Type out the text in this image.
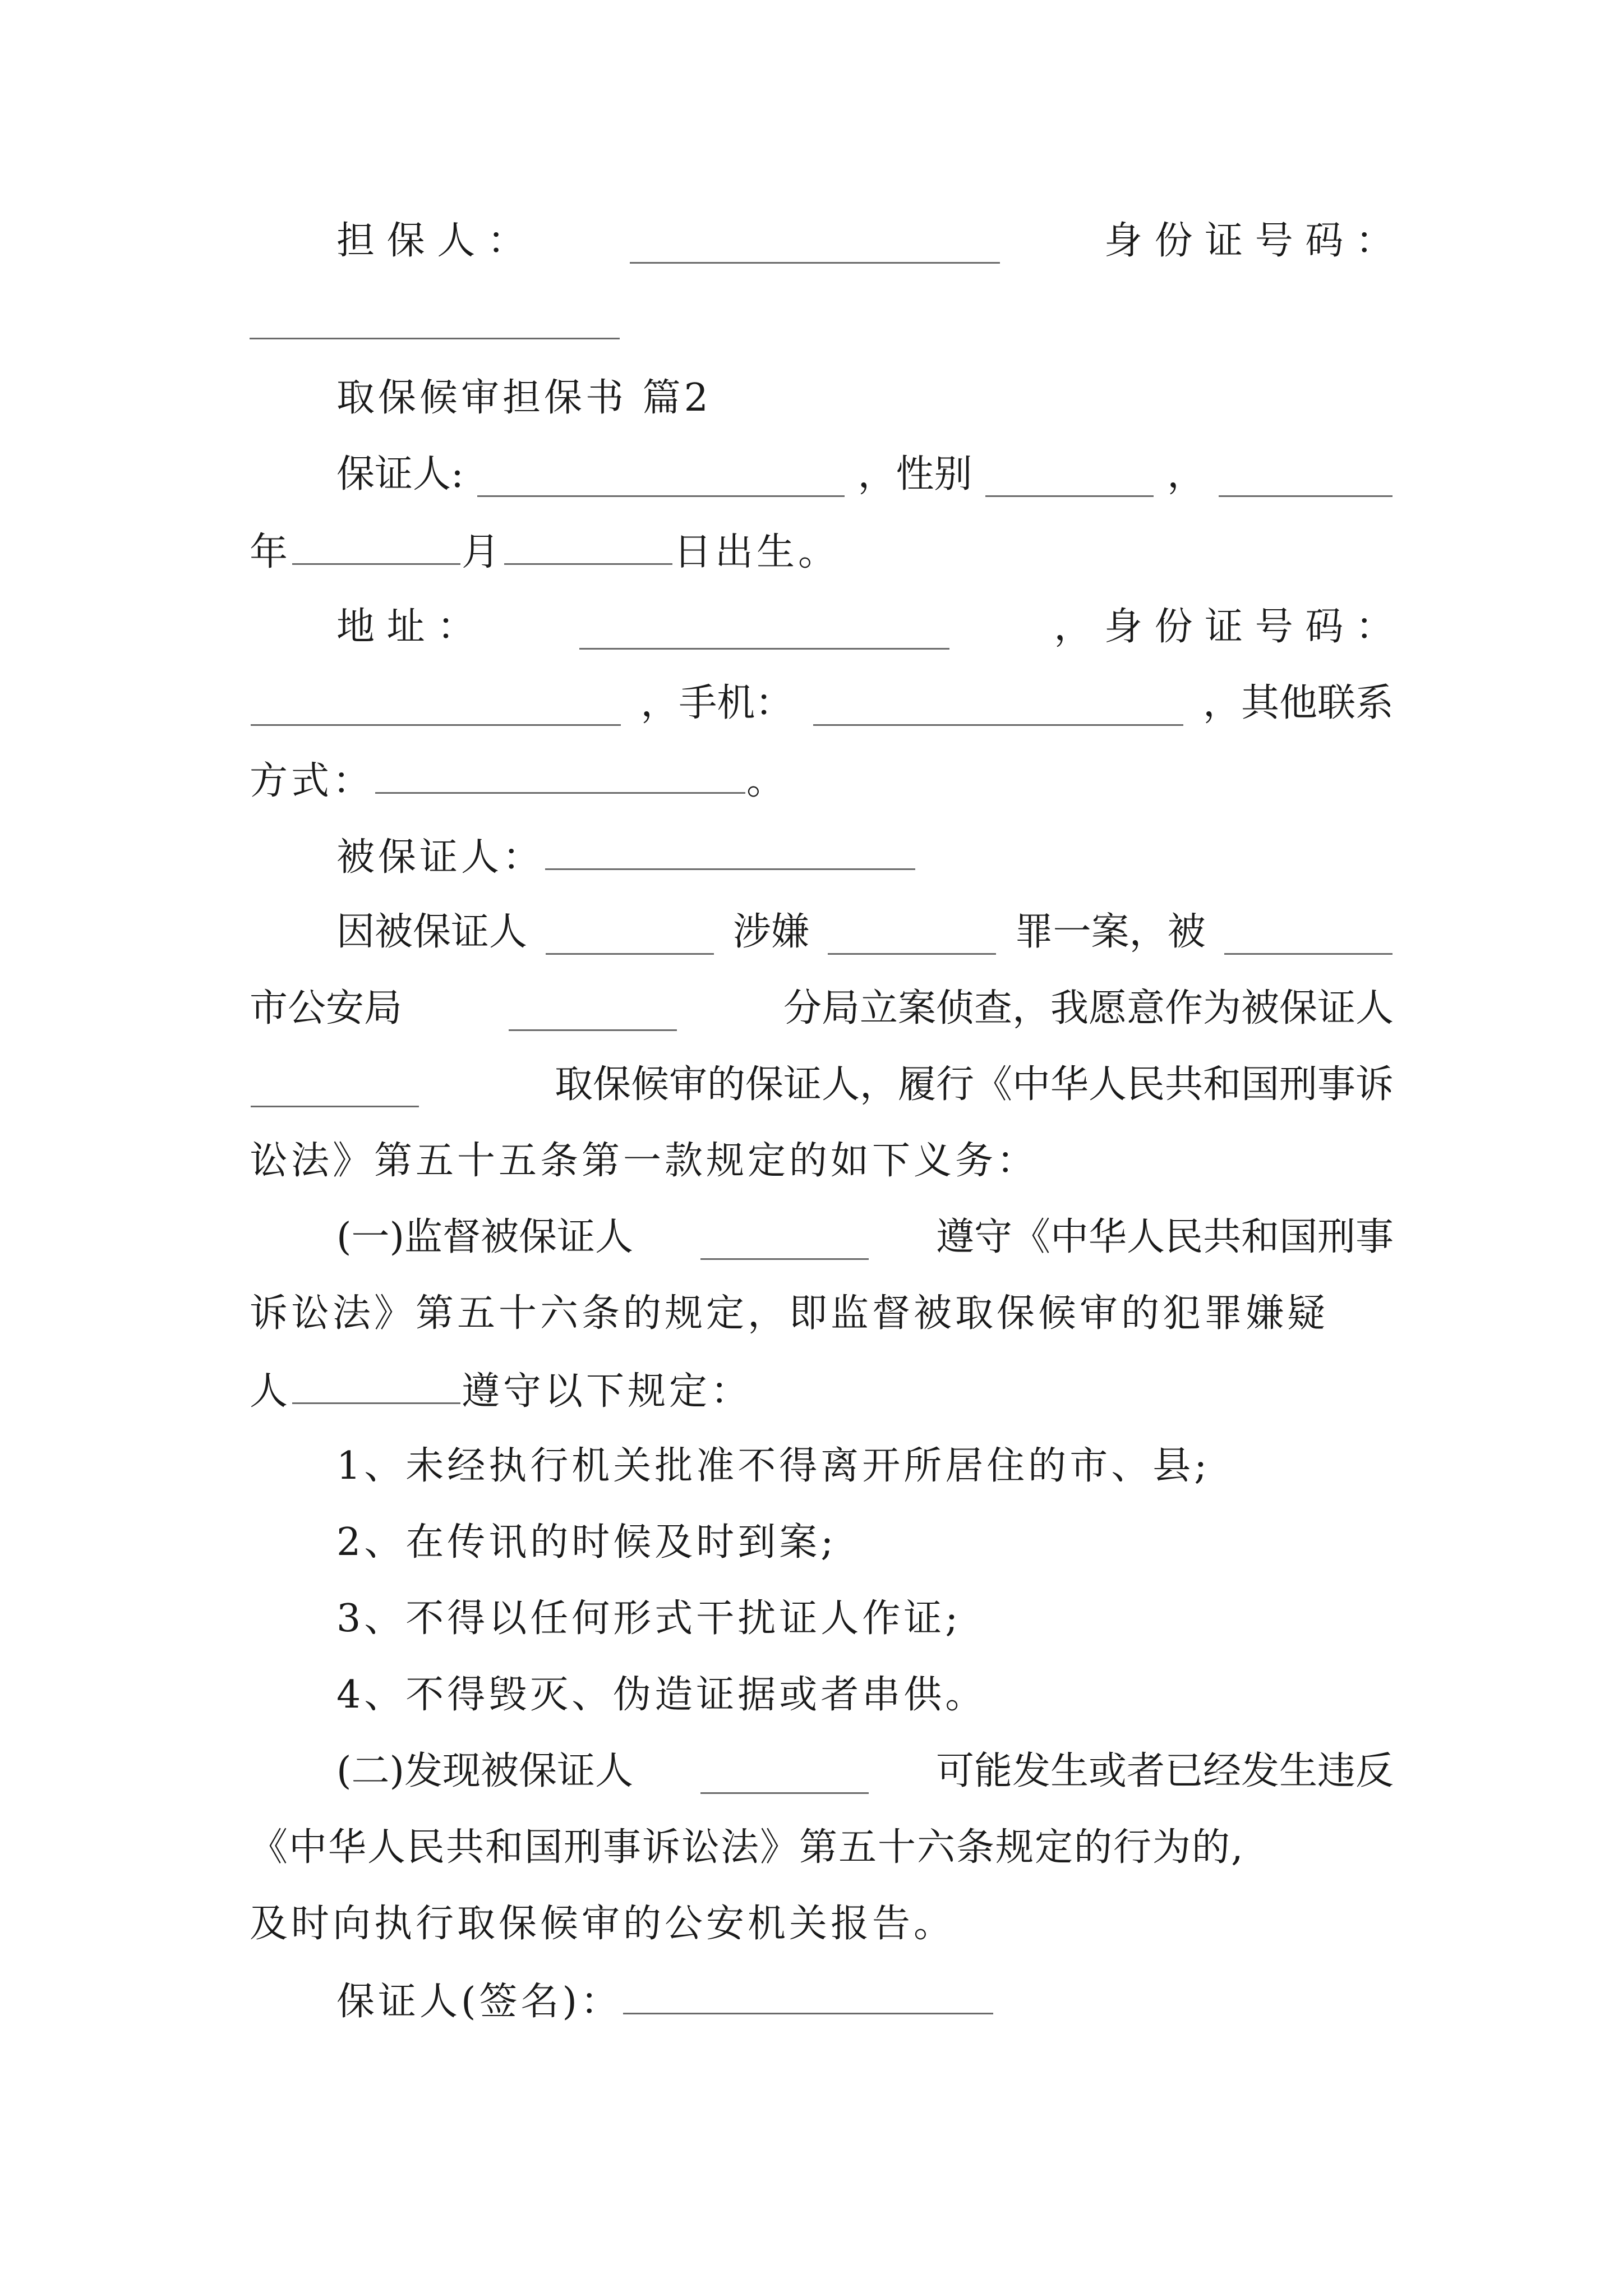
担 保 人 ：	身 份 证 号 码 ：
取保候审担保书 篇2
保证人:	，性别	，
年	月	日出生。
地 址 ：	， 身 份 证 号 码 ：
，手机：	，其他联系
方式：	。
被保证人：
因被保证人	涉嫌	罪一案，被
市公安局	分局立案侦查，我愿意作为被保证人
取保候审的保证人，履行《中华人民共和国刑事诉
讼法》第五十五条第一款规定的如下义务：
(一)监督被保证人	遵守《中华人民共和国刑事
诉讼法》第五十六条的规定，即监督被取保候审的犯罪嫌疑
人	遵守以下规定：
1、未经执行机关批准不得离开所居住的市、县;
2、在传讯的时候及时到案;
3、不得以任何形式干扰证人作证;
4、不得毁灭、伪造证据或者串供。
(二)发现被保证人	可能发生或者已经发生违反
《中华人民共和国刑事诉讼法》第五十六条规定的行为的,
及时向执行取保候审的公安机关报告。
保证人(签名)：
